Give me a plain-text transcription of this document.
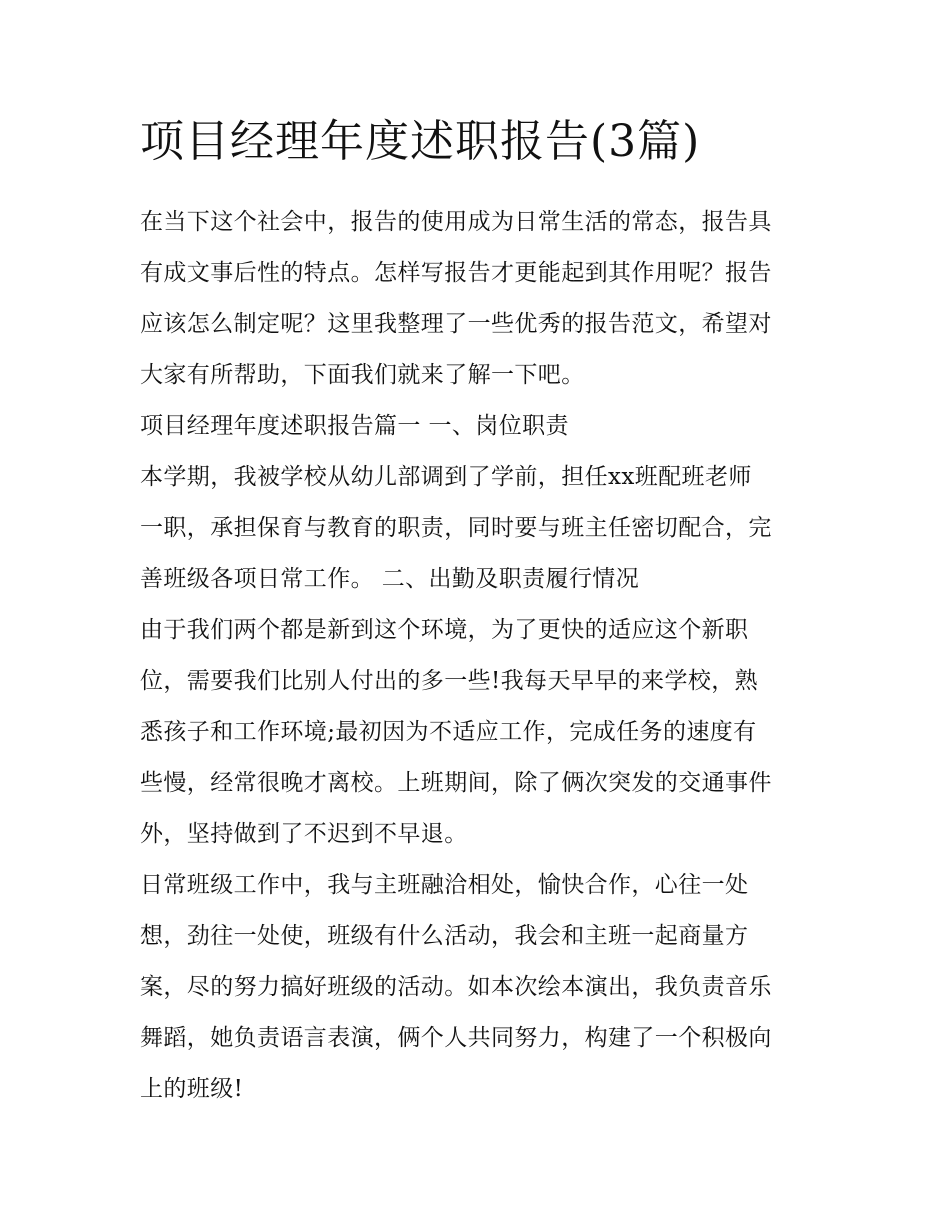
项目经理年度述职报告(3篇)
在当下这个社会中，报告的使用成为日常生活的常态，报告具
有成文事后性的特点。怎样写报告才更能起到其作用呢？报告
应该怎么制定呢？这里我整理了一些优秀的报告范文，希望对
大家有所帮助，下面我们就来了解一下吧。
项目经理年度述职报告篇一 一、岗位职责
本学期，我被学校从幼儿部调到了学前，担任xx班配班老师
一职，承担保育与教育的职责，同时要与班主任密切配合，完
善班级各项日常工作。 二、出勤及职责履行情况
由于我们两个都是新到这个环境，为了更快的适应这个新职
位，需要我们比别人付出的多一些!我每天早早的来学校，熟
悉孩子和工作环境;最初因为不适应工作，完成任务的速度有
些慢，经常很晚才离校。上班期间，除了俩次突发的交通事件
外，坚持做到了不迟到不早退。
日常班级工作中，我与主班融洽相处，愉快合作，心往一处
想，劲往一处使，班级有什么活动，我会和主班一起商量方
案，尽的努力搞好班级的活动。如本次绘本演出，我负责音乐
舞蹈，她负责语言表演，俩个人共同努力，构建了一个积极向
上的班级!
